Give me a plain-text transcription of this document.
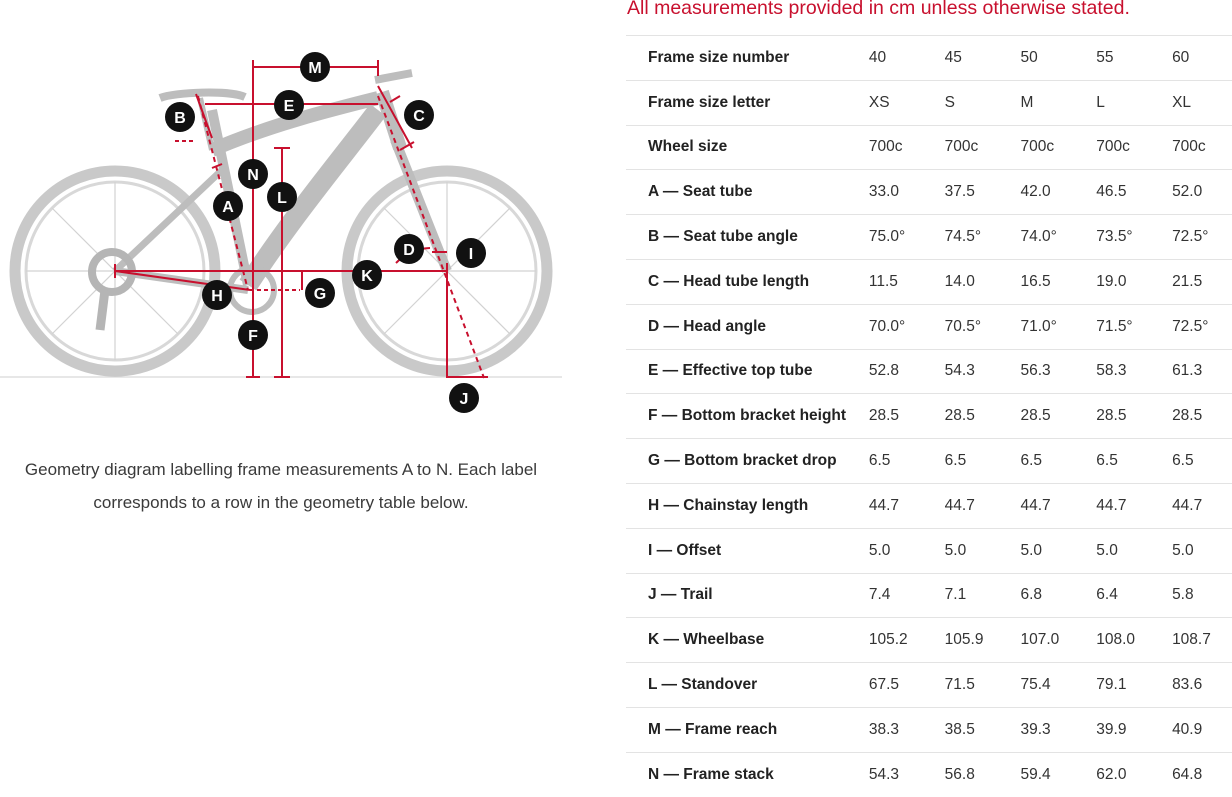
M
E
B	C
N
L
A
D	I
K
H	G
F
J
Geometry diagram labelling frame measurements A to N. Each label
corresponds to a row in the geometry table below.
All measurements provided in cm unless otherwise stated.
Frame size number	40	45	50	55	60
Frame size letter	XS	S	M	L	XL
Wheel size	700c	700c	700c	700c	700c
A — Seat tube	33.0	37.5	42.0	46.5	52.0
B — Seat tube angle	75.0°	74.5°	74.0°	73.5°	72.5°
C — Head tube length	11.5	14.0	16.5	19.0	21.5
D — Head angle	70.0°	70.5°	71.0°	71.5°	72.5°
E — Effective top tube	52.8	54.3	56.3	58.3	61.3
F — Bottom bracket height	28.5	28.5	28.5	28.5	28.5
G — Bottom bracket drop	6.5	6.5	6.5	6.5	6.5
H — Chainstay length	44.7	44.7	44.7	44.7	44.7
I — Offset	5.0	5.0	5.0	5.0	5.0
J — Trail	7.4	7.1	6.8	6.4	5.8
K — Wheelbase	105.2	105.9	107.0	108.0	108.7
L — Standover	67.5	71.5	75.4	79.1	83.6
M — Frame reach	38.3	38.5	39.3	39.9	40.9
N — Frame stack	54.3	56.8	59.4	62.0	64.8
